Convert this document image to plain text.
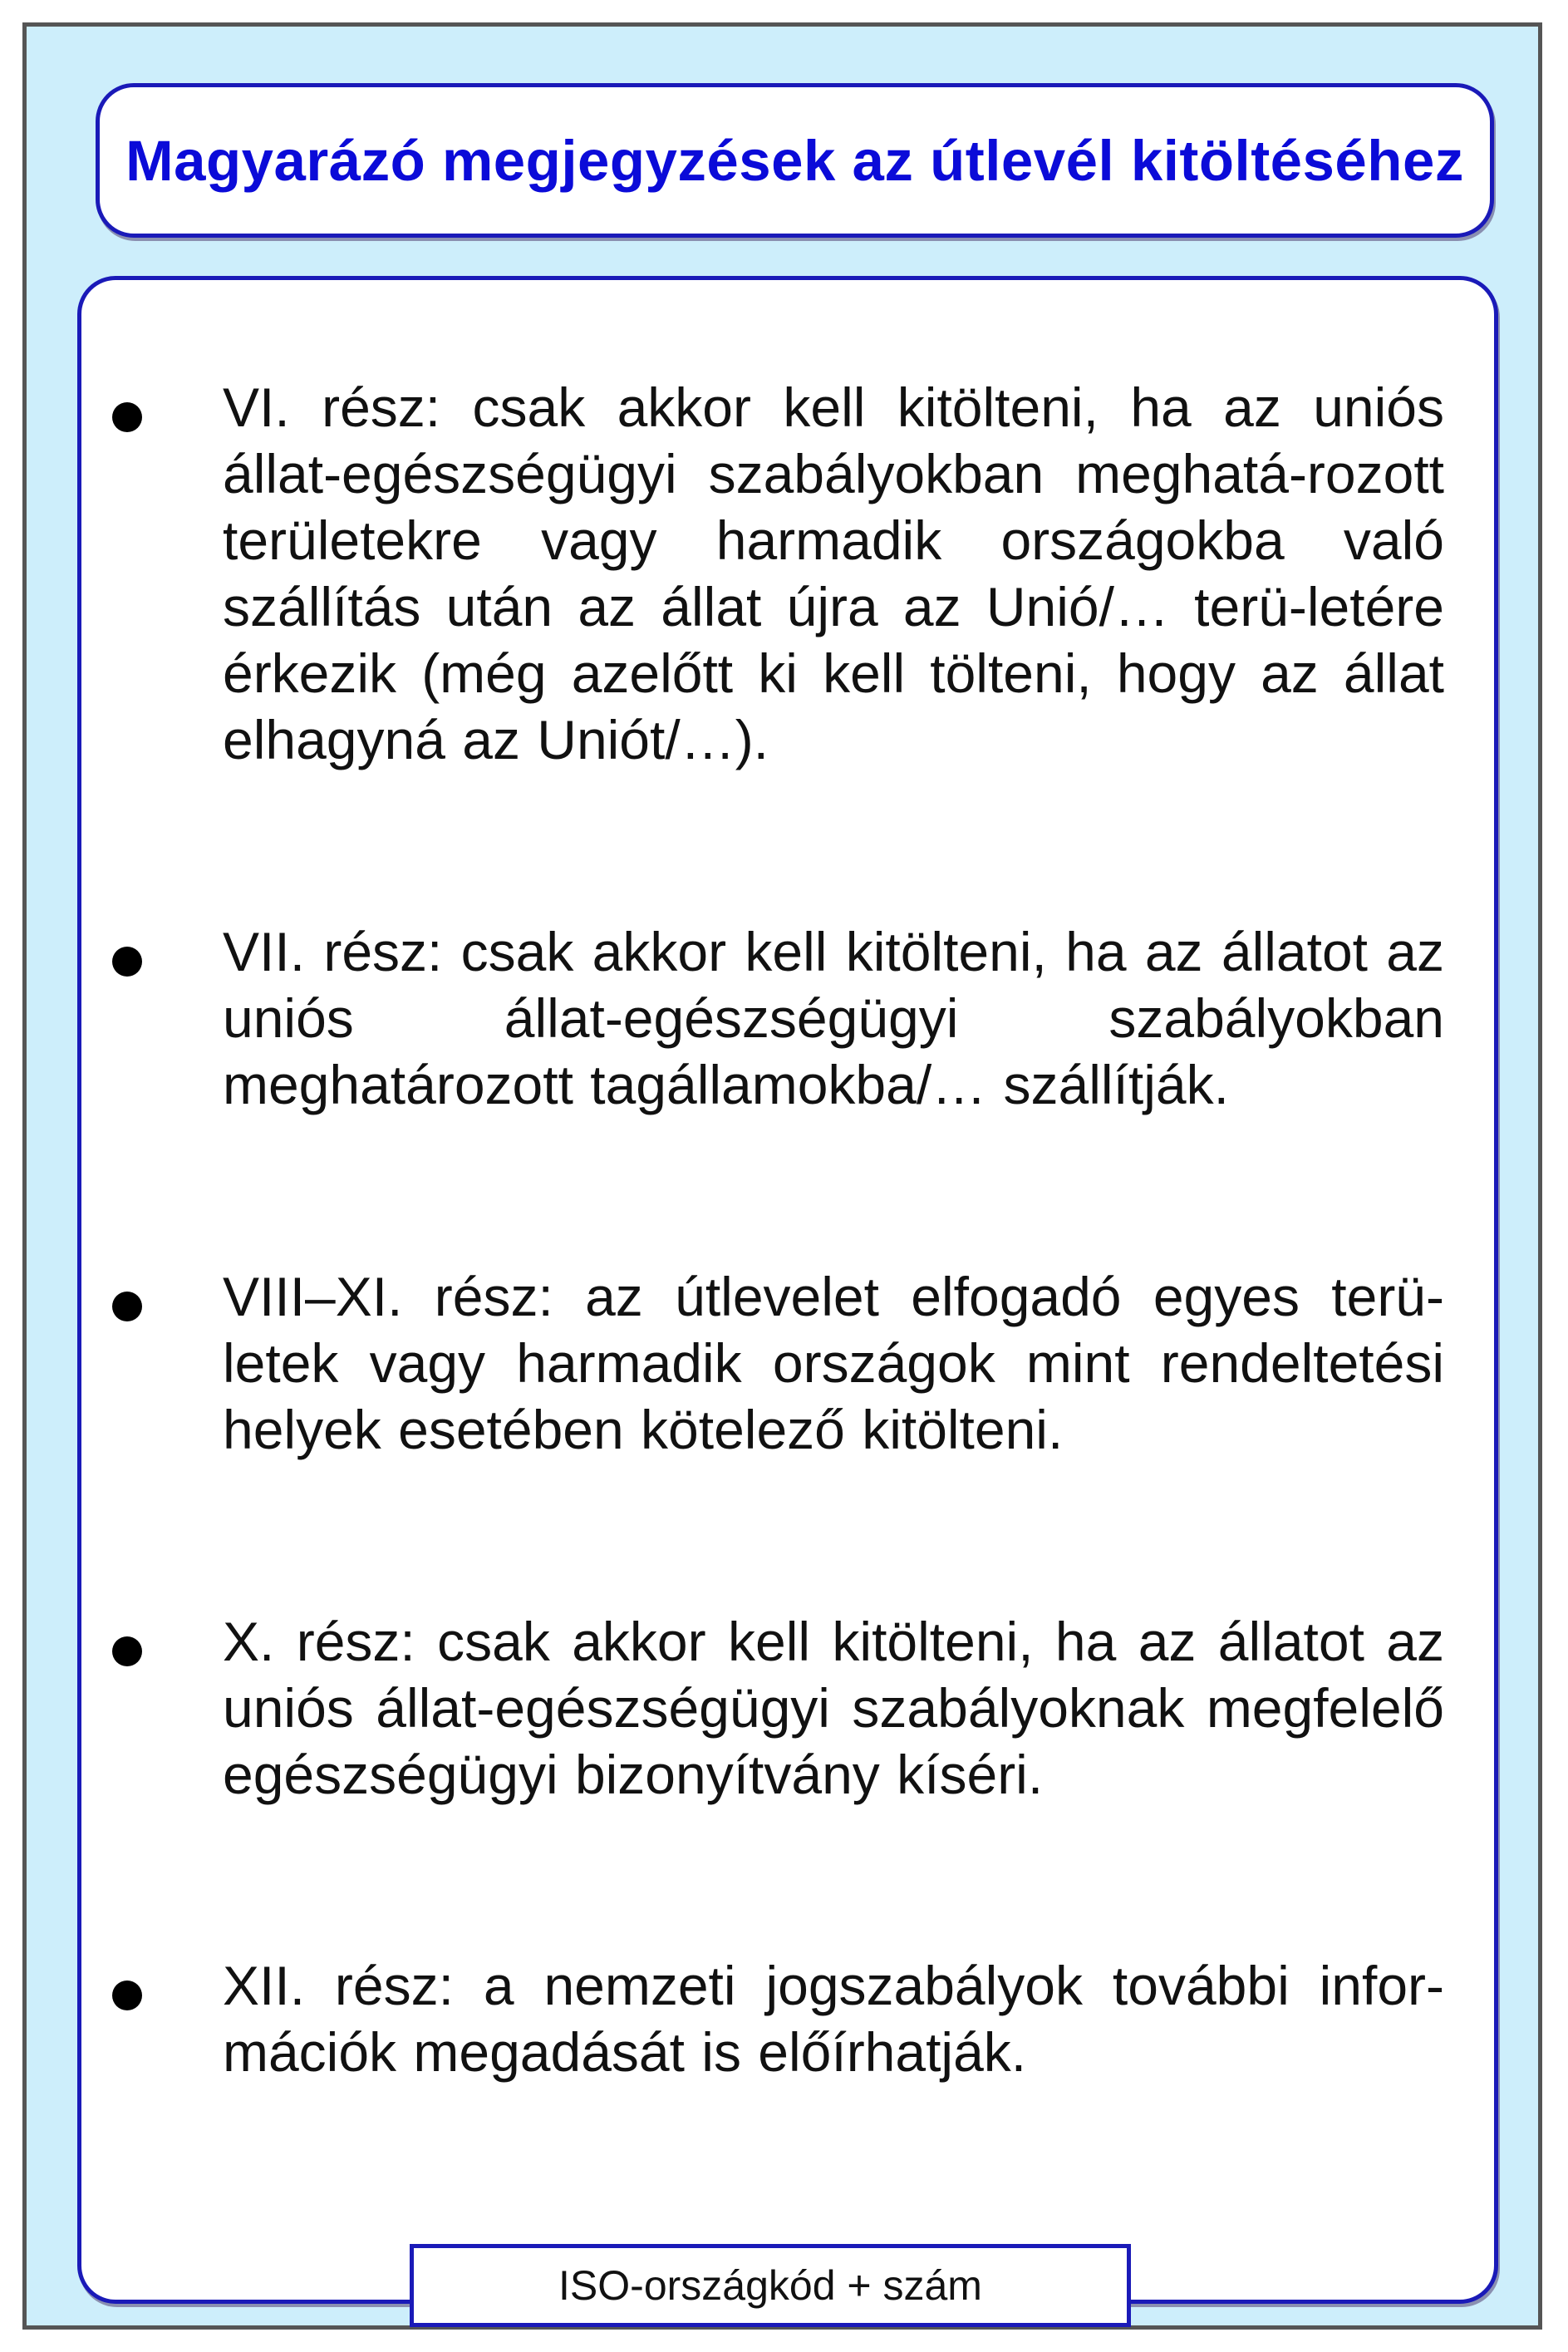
Magyarázó megjegyzések az útlevél kitöltéséhez

VI. rész: csak akkor kell kitölteni, ha az uniós állat-egészségügyi szabályokban meghatá-rozott területekre vagy harmadik országokba való szállítás után az állat újra az Unió/… terü-letére érkezik (még azelőtt ki kell tölteni, hogy az állat elhagyná az Uniót/…).

VII. rész: csak akkor kell kitölteni, ha az állatot az uniós állat-egészségügyi szabályokban meghatározott tagállamokba/… szállítják.

VIII–XI. rész: az útlevelet elfogadó egyes terü-letek vagy harmadik országok mint rendeltetési helyek esetében kötelező kitölteni.

X. rész: csak akkor kell kitölteni, ha az állatot az uniós állat-egészségügyi szabályoknak megfelelő egészségügyi bizonyítvány kíséri.

XII. rész: a nemzeti jogszabályok további infor-mációk megadását is előírhatják.

ISO-országkód + szám
